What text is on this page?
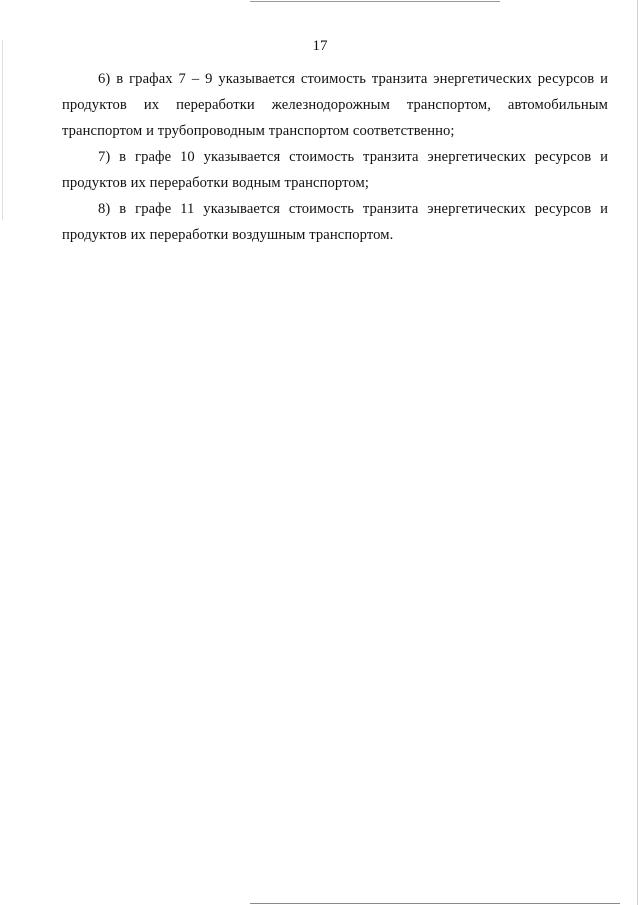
17

6) в графах 7 – 9 указывается стоимость транзита энергетических ресурсов и продуктов их переработки железнодорожным транспортом, автомобильным транспортом и трубопроводным транспортом соответственно;

7) в графе 10 указывается стоимость транзита энергетических ресурсов и продуктов их переработки водным транспортом;

8) в графе 11 указывается стоимость транзита энергетических ресурсов и продуктов их переработки воздушным транспортом.
